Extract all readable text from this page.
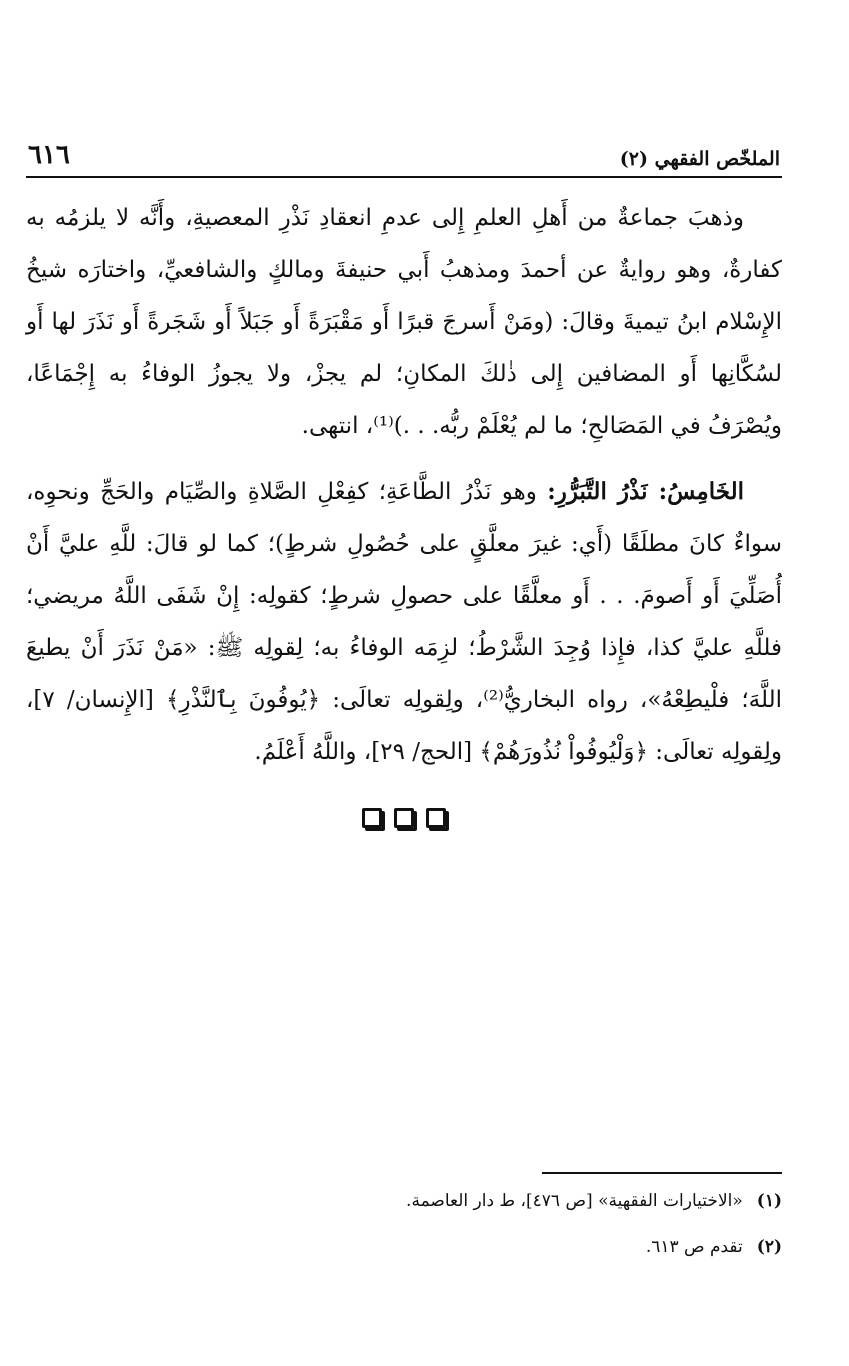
الملخّص الفقهي (٢)
٦١٦

وذهبَ جماعةٌ من أَهلِ العلمِ إِلى عدمِ انعقادِ نَذْرِ المعصيةِ، وأَنَّه لا يلزمُه به كفارةٌ، وهو روايةٌ عن أحمدَ ومذهبُ أَبي حنيفةَ ومالكٍ والشافعيِّ، واختارَه شيخُ الإِسْلام ابنُ تيميةَ وقالَ: (ومَنْ أَسرجَ قبرًا أَو مَقْبَرَةً أَو جَبَلاً أَو شَجَرةً أَو نَذَرَ لها أَو لسُكَّانِها أَو المضافين إِلى ذٰلكَ المكانِ؛ لم يجزْ، ولا يجوزُ الوفاءُ به إِجْمَاعًا، ويُصْرَفُ في المَصَالحِ؛ ما لم يُعْلَمْ ربُّه. . .)⁽¹⁾، انتهى.

الخَامِسُ: نَذْرُ التَّبَرُّرِ: وهو نَذْرُ الطَّاعَةِ؛ كفِعْلِ الصَّلاةِ والصِّيَام والحَجِّ ونحوِه، سواءٌ كانَ مطلَقًا (أَي: غيرَ معلَّقٍ على حُصُولِ شرطٍ)؛ كما لو قالَ: للَّهِ عليَّ أَنْ أُصَلِّيَ أَو أَصومَ. . . أَو معلَّقًا على حصولِ شرطٍ؛ كقولِه: إِنْ شَفَى اللَّهُ مريضي؛ فللَّهِ عليَّ كذا، فإِذا وُجِدَ الشَّرْطُ؛ لزِمَه الوفاءُ به؛ لِقولِه ﷺ: «مَنْ نَذَرَ أَنْ يطيعَ اللَّهَ؛ فلْيطِعْهُ»، رواه البخاريُّ⁽²⁾، ولِقولِه تعالَى: ﴿يُوفُونَ بِٱلنَّذْرِ﴾ [الإِنسان/ ٧]، ولِقولِه تعالَى: ﴿وَلْيُوفُواْ نُذُورَهُمْ﴾ [الحج/ ٢٩]، واللَّهُ أَعْلَمُ.

(١)
«الاختيارات الفقهية» [ص ٤٧٦]، ط دار العاصمة.
(٢)
تقدم ص ٦١٣.
